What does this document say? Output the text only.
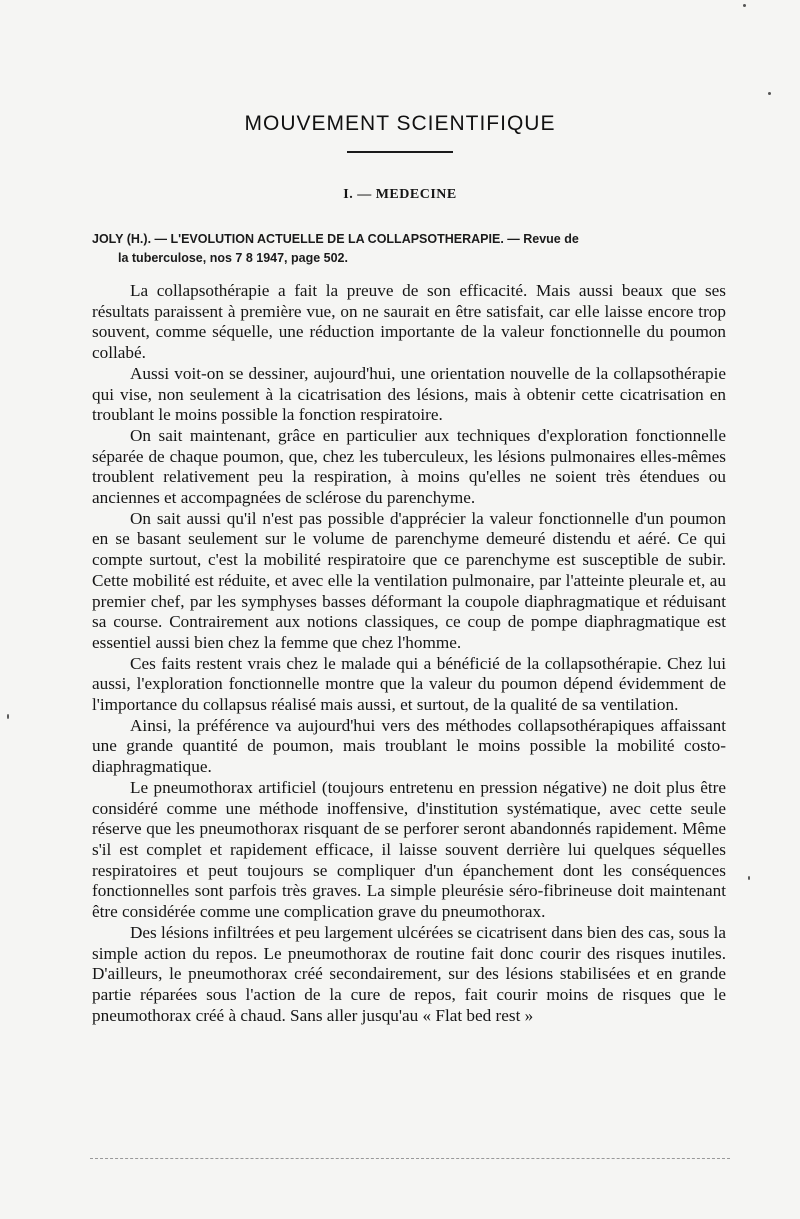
MOUVEMENT SCIENTIFIQUE
I. — MEDECINE
JOLY (H.). — L'EVOLUTION ACTUELLE DE LA COLLAPSOTHERAPIE. — Revue de
la tuberculose, nos 7 8 1947, page 502.

La collapsothérapie a fait la preuve de son efficacité. Mais aussi beaux que ses résultats paraissent à première vue, on ne saurait en être satisfait, car elle laisse encore trop souvent, comme séquelle, une réduction importante de la valeur fonctionnelle du poumon collabé.

Aussi voit-on se dessiner, aujourd'hui, une orientation nouvelle de la collapsothérapie qui vise, non seulement à la cicatrisation des lésions, mais à obtenir cette cicatrisation en troublant le moins possible la fonction respiratoire.

On sait maintenant, grâce en particulier aux techniques d'exploration fonctionnelle séparée de chaque poumon, que, chez les tuberculeux, les lésions pulmonaires elles-mêmes troublent relativement peu la respiration, à moins qu'elles ne soient très étendues ou anciennes et accompagnées de sclérose du parenchyme.

On sait aussi qu'il n'est pas possible d'apprécier la valeur fonctionnelle d'un poumon en se basant seulement sur le volume de parenchyme demeuré distendu et aéré. Ce qui compte surtout, c'est la mobilité respiratoire que ce parenchyme est susceptible de subir. Cette mobilité est réduite, et avec elle la ventilation pulmonaire, par l'atteinte pleurale et, au premier chef, par les symphyses basses déformant la coupole diaphragmatique et réduisant sa course. Contrairement aux notions classiques, ce coup de pompe diaphragmatique est essentiel aussi bien chez la femme que chez l'homme.

Ces faits restent vrais chez le malade qui a bénéficié de la collapsothérapie. Chez lui aussi, l'exploration fonctionnelle montre que la valeur du poumon dépend évidemment de l'importance du collapsus réalisé mais aussi, et surtout, de la qualité de sa ventilation.

Ainsi, la préférence va aujourd'hui vers des méthodes collapsothérapiques affaissant une grande quantité de poumon, mais troublant le moins possible la mobilité costo-diaphragmatique.

Le pneumothorax artificiel (toujours entretenu en pression négative) ne doit plus être considéré comme une méthode inoffensive, d'institution systématique, avec cette seule réserve que les pneumothorax risquant de se perforer seront abandonnés rapidement. Même s'il est complet et rapidement efficace, il laisse souvent derrière lui quelques séquelles respiratoires et peut toujours se compliquer d'un épanchement dont les conséquences fonctionnelles sont parfois très graves. La simple pleurésie séro-fibrineuse doit maintenant être considérée comme une complication grave du pneumothorax.

Des lésions infiltrées et peu largement ulcérées se cicatrisent dans bien des cas, sous la simple action du repos. Le pneumothorax de routine fait donc courir des risques inutiles. D'ailleurs, le pneumothorax créé secondairement, sur des lésions stabilisées et en grande partie réparées sous l'action de la cure de repos, fait courir moins de risques que le pneumothorax créé à chaud. Sans aller jusqu'au « Flat bed rest »
